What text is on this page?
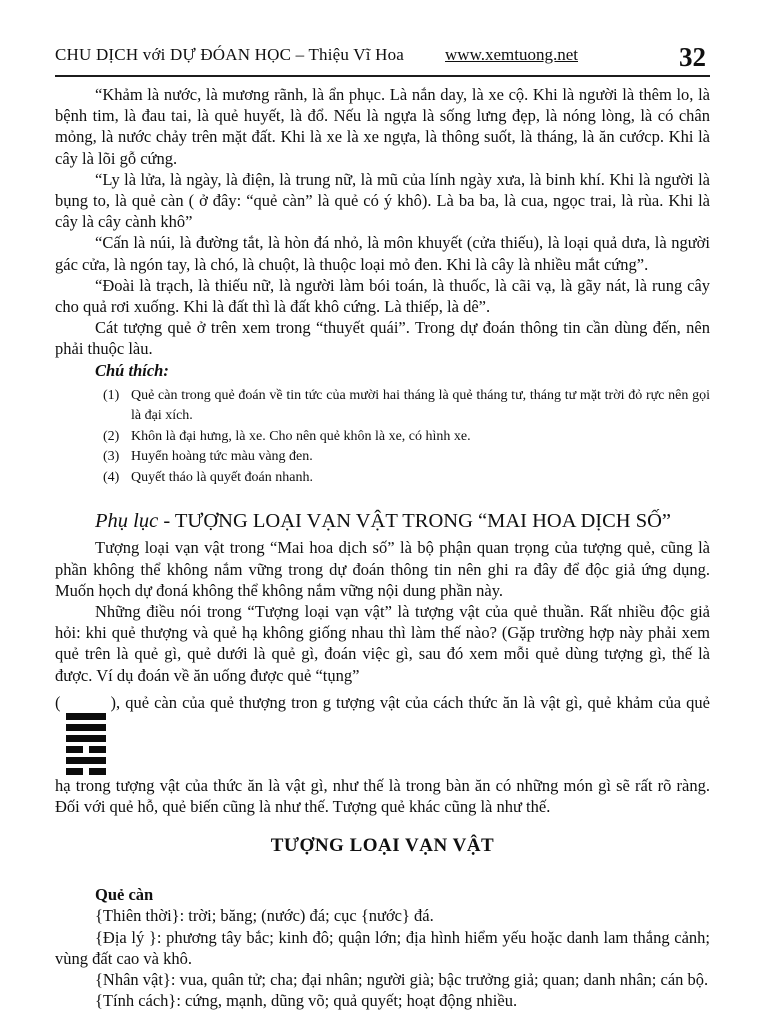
CHU DỊCH với DỰ ĐÓAN HỌC – Thiệu Vĩ Hoa www.xemtuong.net	32

“Khảm là nước, là mương rãnh, là ẩn phục. Là nắn day, là xe cộ. Khi là người là thêm lo, là bệnh tim, là đau tai, là quẻ huyết, là đổ. Nếu là ngựa là sống lưng đẹp, là nóng lòng, là có chân mỏng, là nước chảy trên mặt đất. Khi là xe là xe ngựa, là thông suốt, là tháng, là ăn cướcp. Khi là cây là lõi gỗ cứng.

“Ly là lửa, là ngày, là điện, là trung nữ, là mũ của lính ngày xưa, là binh khí. Khi là người là bụng to, là quẻ càn ( ở đây: “quẻ càn” là quẻ có ý khô). Là ba ba, là cua, ngọc trai, là rùa. Khi là cây là cây cành khô”

“Cấn là núi, là đường tắt, là hòn đá nhỏ, là môn khuyết (cửa thiếu), là loại quả dưa, là người gác cửa, là ngón tay, là chó, là chuột, là thuộc loại mỏ đen. Khi là cây là nhiều mắt cứng”.

“Đoài là trạch, là thiếu nữ, là người làm bói toán, là thuốc, là cãi vạ, là gãy nát, là rung cây cho quả rơi xuống. Khi là đất thì là đất khô cứng. Là thiếp, là dê”.

Cát tượng quẻ ở trên xem trong “thuyết quái”. Trong dự đoán thông tin cần dùng đến, nên phải thuộc làu.

Chú thích:

(1) Quẻ càn trong quẻ đoán về tin tức của mười hai tháng là quẻ tháng tư, tháng tư mặt trời đỏ rực nên gọi là đại xích.
(2) Khôn là đại hưng, là xe. Cho nên quẻ khôn là xe, có hình xe.
(3) Huyển hoàng tức màu vàng đen.
(4) Quyết tháo là quyết đoán nhanh.
Phụ lục - TƯỢNG LOẠI VẠN VẬT TRONG “MAI HOA DỊCH SỐ”

Tượng loại vạn vật trong “Mai hoa dịch số” là bộ phận quan trọng của tượng quẻ, cũng là phần không thể không nắm vững trong dự đoán thông tin nên ghi ra đây để độc giả ứng dụng. Muốn họch dự đoná không thể không nắm vững nội dung phần này.

Những điều nói trong “Tượng loại vạn vật” là tượng vật của quẻ thuần. Rất nhiều độc giả hỏi: khi quẻ thượng và quẻ hạ không giống nhau thì làm thế nào? (Gặp trường hợp này phải xem quẻ trên là quẻ gì, quẻ dưới là quẻ gì, đoán việc gì, sau đó xem mỗi quẻ dùng tượng gì, thế là được. Ví dụ đoán về ăn uống được quẻ “tụng”

(	), quẻ càn của quẻ thượng tron g tượng vật của cách thức ăn là vật gì, quẻ khảm của quẻ hạ trong tượng vật của thức ăn là vật gì, như thế là trong bàn ăn có những món gì sẽ rất rõ ràng. Đối với quẻ hỗ, quẻ biến cũng là như thế. Tượng quẻ khác cũng là như thế.

TƯỢNG LOẠI VẠN VẬT

Quẻ càn

{Thiên thời}: trời; băng; (nước) đá; cục {nước} đá.

{Địa lý }: phương tây bắc; kinh đô; quận lớn; địa hình hiểm yếu hoặc danh lam thắng cảnh; vùng đất cao và khô.

{Nhân vật}: vua, quân tử; cha; đại nhân; người già; bậc trưởng giả; quan; danh nhân; cán bộ.

{Tính cách}: cứng, mạnh, dũng võ; quả quyết; hoạt động nhiều.
